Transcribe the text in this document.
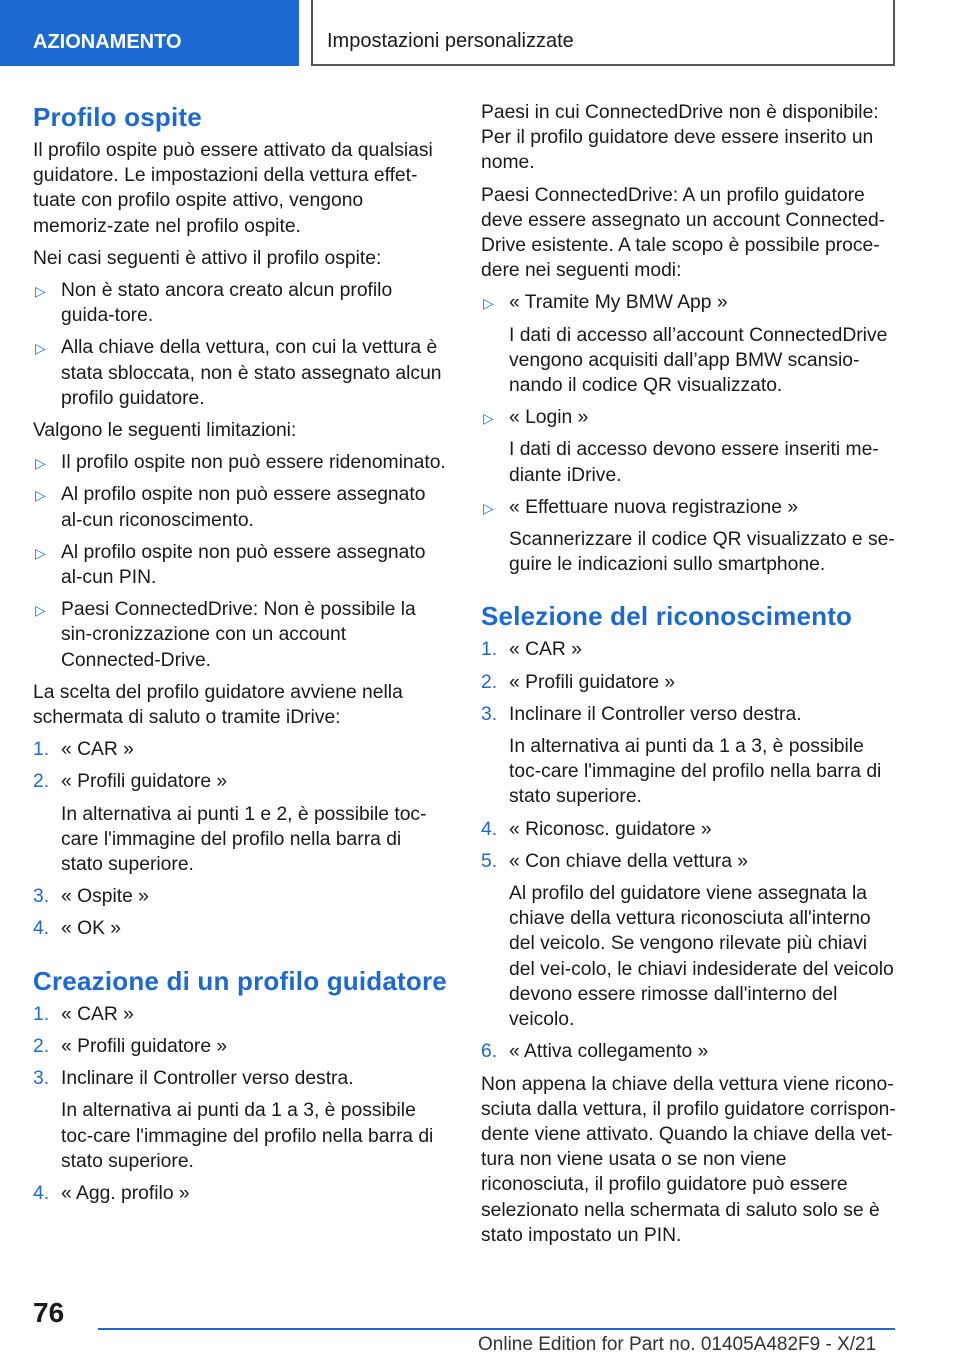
AZIONAMENTO	Impostazioni personalizzate
Profilo ospite

Il profilo ospite può essere attivato da qualsiasi guidatore. Le impostazioni della vettura effet-tuate con profilo ospite attivo, vengono memoriz-zate nel profilo ospite.

Nei casi seguenti è attivo il profilo ospite:

▷ Non è stato ancora creato alcun profilo guida-tore.
▷ Alla chiave della vettura, con cui la vettura è stata sbloccata, non è stato assegnato alcun profilo guidatore.

Valgono le seguenti limitazioni:

▷ Il profilo ospite non può essere ridenominato.
▷ Al profilo ospite non può essere assegnato al-cun riconoscimento.
▷ Al profilo ospite non può essere assegnato al-cun PIN.
▷ Paesi ConnectedDrive: Non è possibile la sin-cronizzazione con un account Connected-Drive.

La scelta del profilo guidatore avviene nella schermata di saluto o tramite iDrive:

1. « CAR »
2. « Profili guidatore »
In alternativa ai punti 1 e 2, è possibile toc-care l'immagine del profilo nella barra di stato superiore.
3. « Ospite »
4. « OK »
Creazione di un profilo guidatore
1. « CAR »
2. « Profili guidatore »
3. Inclinare il Controller verso destra.
In alternativa ai punti da 1 a 3, è possibile toc-care l'immagine del profilo nella barra di stato superiore.
4. « Agg. profilo »

Paesi in cui ConnectedDrive non è disponibile: Per il profilo guidatore deve essere inserito un nome.

Paesi ConnectedDrive: A un profilo guidatore deve essere assegnato un account Connected-Drive esistente. A tale scopo è possibile proce-dere nei seguenti modi:

▷ « Tramite My BMW App »
I dati di accesso all’account ConnectedDrive vengono acquisiti dall’app BMW scansio-nando il codice QR visualizzato.
▷ « Login »
I dati di accesso devono essere inseriti me-diante iDrive.
▷ « Effettuare nuova registrazione »
Scannerizzare il codice QR visualizzato e se-guire le indicazioni sullo smartphone.
Selezione del riconoscimento
1. « CAR »
2. « Profili guidatore »
3. Inclinare il Controller verso destra.
In alternativa ai punti da 1 a 3, è possibile toc-care l'immagine del profilo nella barra di stato superiore.
4. « Riconosc. guidatore »
5. « Con chiave della vettura »
Al profilo del guidatore viene assegnata la chiave della vettura riconosciuta all'interno del veicolo. Se vengono rilevate più chiavi del vei-colo, le chiavi indesiderate del veicolo devono essere rimosse dall'interno del veicolo.
6. « Attiva collegamento »

Non appena la chiave della vettura viene ricono-sciuta dalla vettura, il profilo guidatore corrispon-dente viene attivato. Quando la chiave della vet-tura non viene usata o se non viene riconosciuta, il profilo guidatore può essere selezionato nella schermata di saluto solo se è stato impostato un PIN.

76
Online Edition for Part no. 01405A482F9 - X/21
